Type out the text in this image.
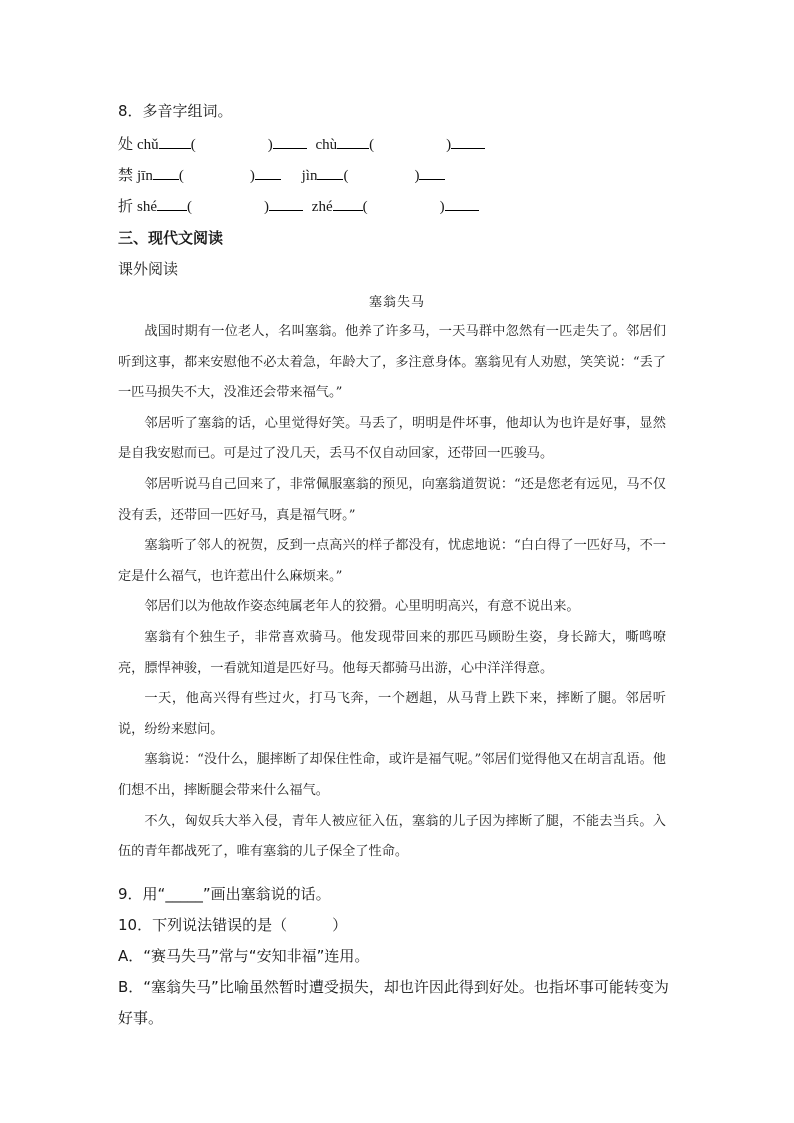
8．多音字组词。
处 chǔ (	)	chù (	)
禁 jīn (	)	jìn (	)
折 shé (	)	zhé (	)
三、现代文阅读
课外阅读
塞翁失马

战国时期有一位老人，名叫塞翁。他养了许多马，一天马群中忽然有一匹走失了。邻居们听到这事，都来安慰他不必太着急，年龄大了，多注意身体。塞翁见有人劝慰，笑笑说：“丢了一匹马损失不大，没准还会带来福气。”

邻居听了塞翁的话，心里觉得好笑。马丢了，明明是件坏事，他却认为也许是好事，显然是自我安慰而已。可是过了没几天，丢马不仅自动回家，还带回一匹骏马。

邻居听说马自己回来了，非常佩服塞翁的预见，向塞翁道贺说：“还是您老有远见，马不仅没有丢，还带回一匹好马，真是福气呀。”

塞翁听了邻人的祝贺，反到一点高兴的样子都没有，忧虑地说：“白白得了一匹好马，不一定是什么福气，也许惹出什么麻烦来。”

邻居们以为他故作姿态纯属老年人的狡猾。心里明明高兴，有意不说出来。

塞翁有个独生子，非常喜欢骑马。他发现带回来的那匹马顾盼生姿，身长蹄大，嘶鸣嘹亮，膘悍神骏，一看就知道是匹好马。他每天都骑马出游，心中洋洋得意。

一天，他高兴得有些过火，打马飞奔，一个趔趄，从马背上跌下来，摔断了腿。邻居听说，纷纷来慰问。

塞翁说：“没什么，腿摔断了却保住性命，或许是福气呢。”邻居们觉得他又在胡言乱语。他们想不出，摔断腿会带来什么福气。

不久，匈奴兵大举入侵，青年人被应征入伍，塞翁的儿子因为摔断了腿，不能去当兵。入伍的青年都战死了，唯有塞翁的儿子保全了性命。

9．用“_____”画出塞翁说的话。
10．下列说法错误的是（　　　）
A．“赛马失马”常与“安知非福”连用。
B．“塞翁失马”比喻虽然暂时遭受损失，却也许因此得到好处。也指坏事可能转变为好事。
